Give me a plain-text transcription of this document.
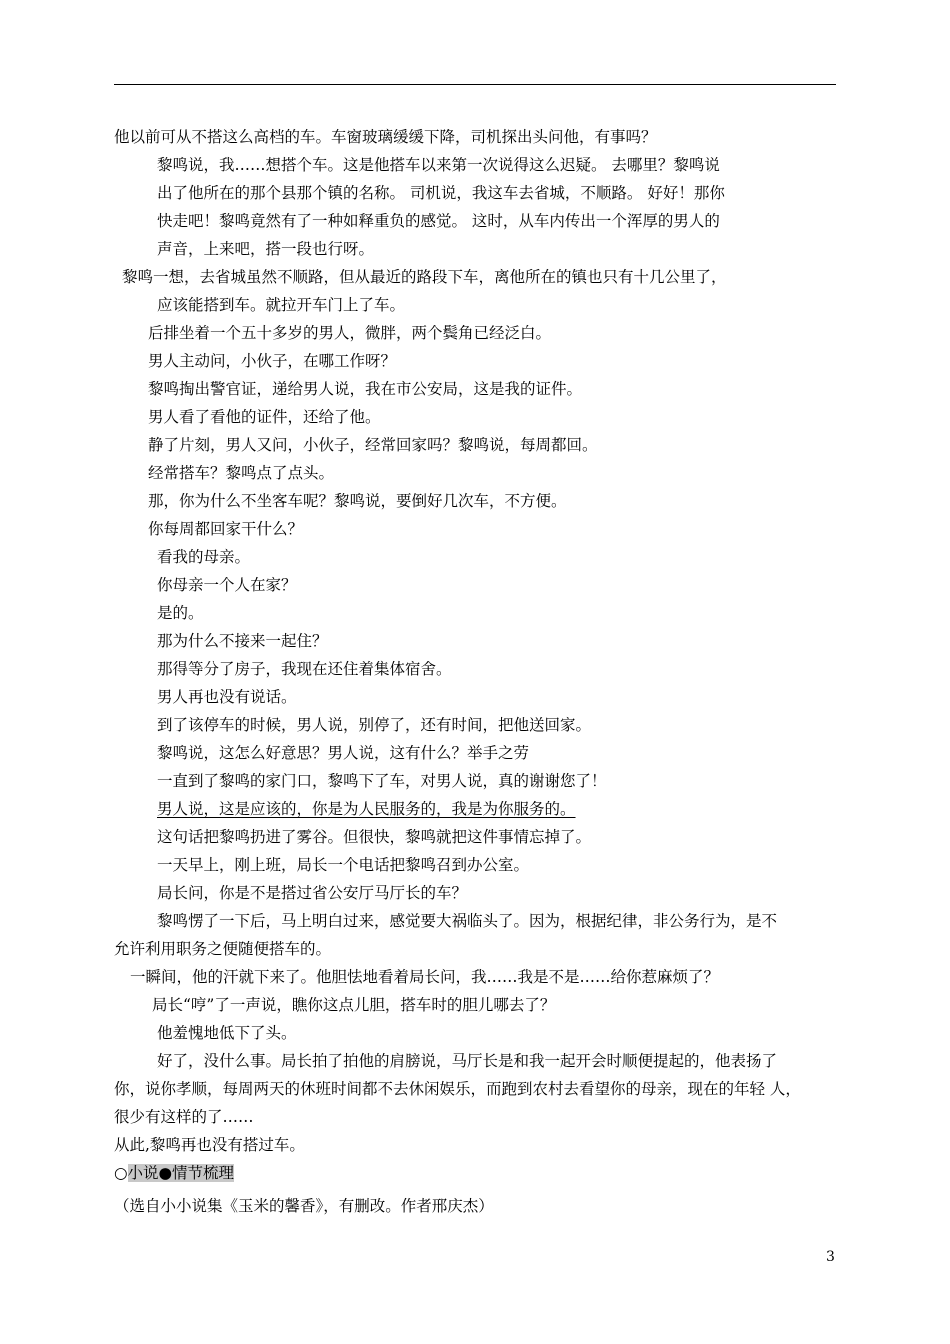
他以前可从不搭这么高档的车。车窗玻璃缓缓下降，司机探出头问他，有事吗？
黎鸣说，我……想搭个车。这是他搭车以来第一次说得这么迟疑。 去哪里？黎鸣说
出了他所在的那个县那个镇的名称。 司机说，我这车去省城，不顺路。 好好！那你
快走吧！黎鸣竟然有了一种如释重负的感觉。 这时，从车内传出一个浑厚的男人的
声音，上来吧，搭一段也行呀。
黎鸣一想，去省城虽然不顺路，但从最近的路段下车，离他所在的镇也只有十几公里了，
应该能搭到车。就拉开车门上了车。
后排坐着一个五十多岁的男人，微胖，两个鬓角已经泛白。
男人主动问，小伙子，在哪工作呀？
黎鸣掏出警官证，递给男人说，我在市公安局，这是我的证件。
男人看了看他的证件，还给了他。
静了片刻，男人又问，小伙子，经常回家吗？黎鸣说，每周都回。
经常搭车？黎鸣点了点头。
那，你为什么不坐客车呢？黎鸣说，要倒好几次车，不方便。
你每周都回家干什么？
看我的母亲。
你母亲一个人在家？
是的。
那为什么不接来一起住？
那得等分了房子，我现在还住着集体宿舍。
男人再也没有说话。
到了该停车的时候，男人说，别停了，还有时间，把他送回家。
黎鸣说，这怎么好意思？男人说，这有什么？举手之劳
一直到了黎鸣的家门口，黎鸣下了车，对男人说，真的谢谢您了！
男人说，这是应该的，你是为人民服务的，我是为你服务的。
这句话把黎鸣扔进了雾谷。但很快，黎鸣就把这件事情忘掉了。
一天早上，刚上班，局长一个电话把黎鸣召到办公室。
局长问，你是不是搭过省公安厅马厅长的车？
黎鸣愣了一下后，马上明白过来，感觉要大祸临头了。因为，根据纪律，非公务行为，是不
允许利用职务之便随便搭车的。
一瞬间，他的汗就下来了。他胆怯地看着局长问，我……我是不是……给你惹麻烦了？
局长“哼”了一声说，瞧你这点儿胆，搭车时的胆儿哪去了？
他羞愧地低下了头。
好了，没什么事。局长拍了拍他的肩膀说，马厅长是和我一起开会时顺便提起的，他表扬了
你，说你孝顺，每周两天的休班时间都不去休闲娱乐，而跑到农村去看望你的母亲，现在的年轻 人，
很少有这样的了……
从此,黎鸣再也没有搭过车。
○小说●情节梳理
（选自小小说集《玉米的馨香》，有删改。作者邢庆杰）
3
